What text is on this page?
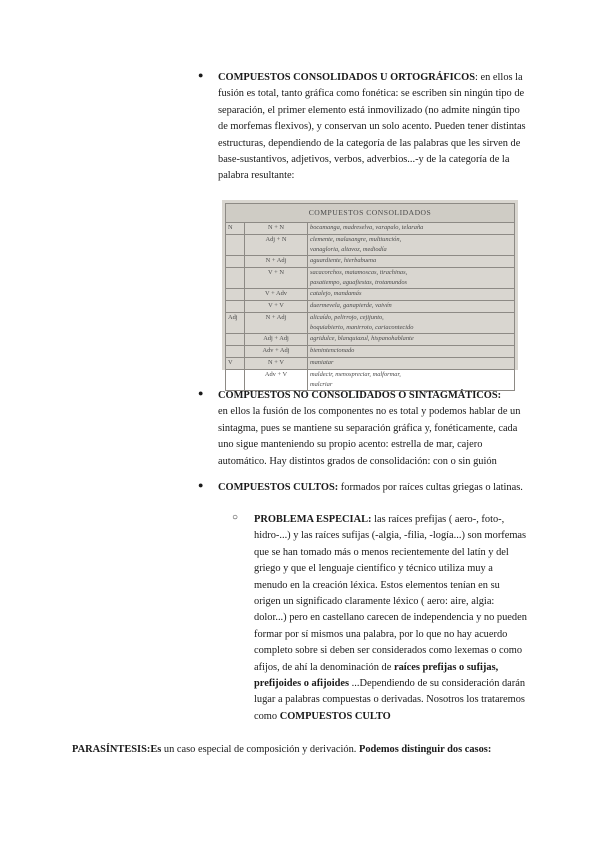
●	COMPUESTOS CONSOLIDADOS U ORTOGRÁFICOS: en ellos la fusión es total, tanto gráfica como fonética: se escriben sin ningún tipo de separación, el primer elemento está inmovilizado (no admite ningún tipo de morfemas flexivos), y conservan un solo acento. Pueden tener distintas estructuras, dependiendo de la categoría de las palabras que les sirven de base-sustantivos, adjetivos, verbos, adverbios...-y de la categoría de la palabra resultante:

COMPUESTOS CONSOLIDADOS		
N	N + N	bocamanga, madreselva, varapalo, telaraña
	Adj + N	clemente, malasangre, multiunción,
vanagloria, altavoz, mediodía
	N + Adj	aguardiente, hierbabuena
	V + N	sacacorchos, matamoscas, tirachinas,
pasatiempo, aguafiestas, trotamundos
	V + Adv	catalejo, mandamás
	V + V	duermevela, ganapierde, vaivén
Adj	N + Adj	alicaído, pelirrojo, cejijunto,
boquiabierto, manirroto, cariacontecido
	Adj + Adj	agridulce, blanquiazul, hispanohablante
	Adv + Adj	bienintencionado
V	N + V	maniatar
	Adv + V	maldecir, menospreciar, malformar,
malcriar
●	COMPUESTOS NO CONSOLIDADOS O SINTAGMÁTICOS:
en ellos la fusión de los componentes no es total y podemos hablar de un sintagma, pues se mantiene su separación gráfica y, fonéticamente, cada uno sigue manteniendo su propio acento: estrella de mar, cajero automático. Hay distintos grados de consolidación: con o sin guión

●	COMPUESTOS CULTOS: formados por raíces cultas griegas o latinas.

○ PROBLEMA ESPECIAL: las raíces prefijas ( aero-, foto-, hidro-...) y las raíces sufijas (-algia, -filia, -logía...) son morfemas que se han tomado más o menos recientemente del latín y del griego y que el lenguaje científico y técnico utiliza muy a menudo en la creación léxica. Estos elementos tenían en su origen un significado claramente léxico ( aero: aire, algia: dolor...) pero en castellano carecen de independencia y no pueden formar por sí mismos una palabra, por lo que no hay acuerdo completo sobre si deben ser considerados como lexemas o como afijos, de ahí la denominación de raíces prefijas o sufijas, prefijoides o afijoides ...Dependiendo de su consideración darán lugar a palabras compuestas o derivadas. Nosotros los trataremos como COMPUESTOS CULTO

PARASÍNTESIS:Es un caso especial de composición y derivación. Podemos distinguir dos casos:
